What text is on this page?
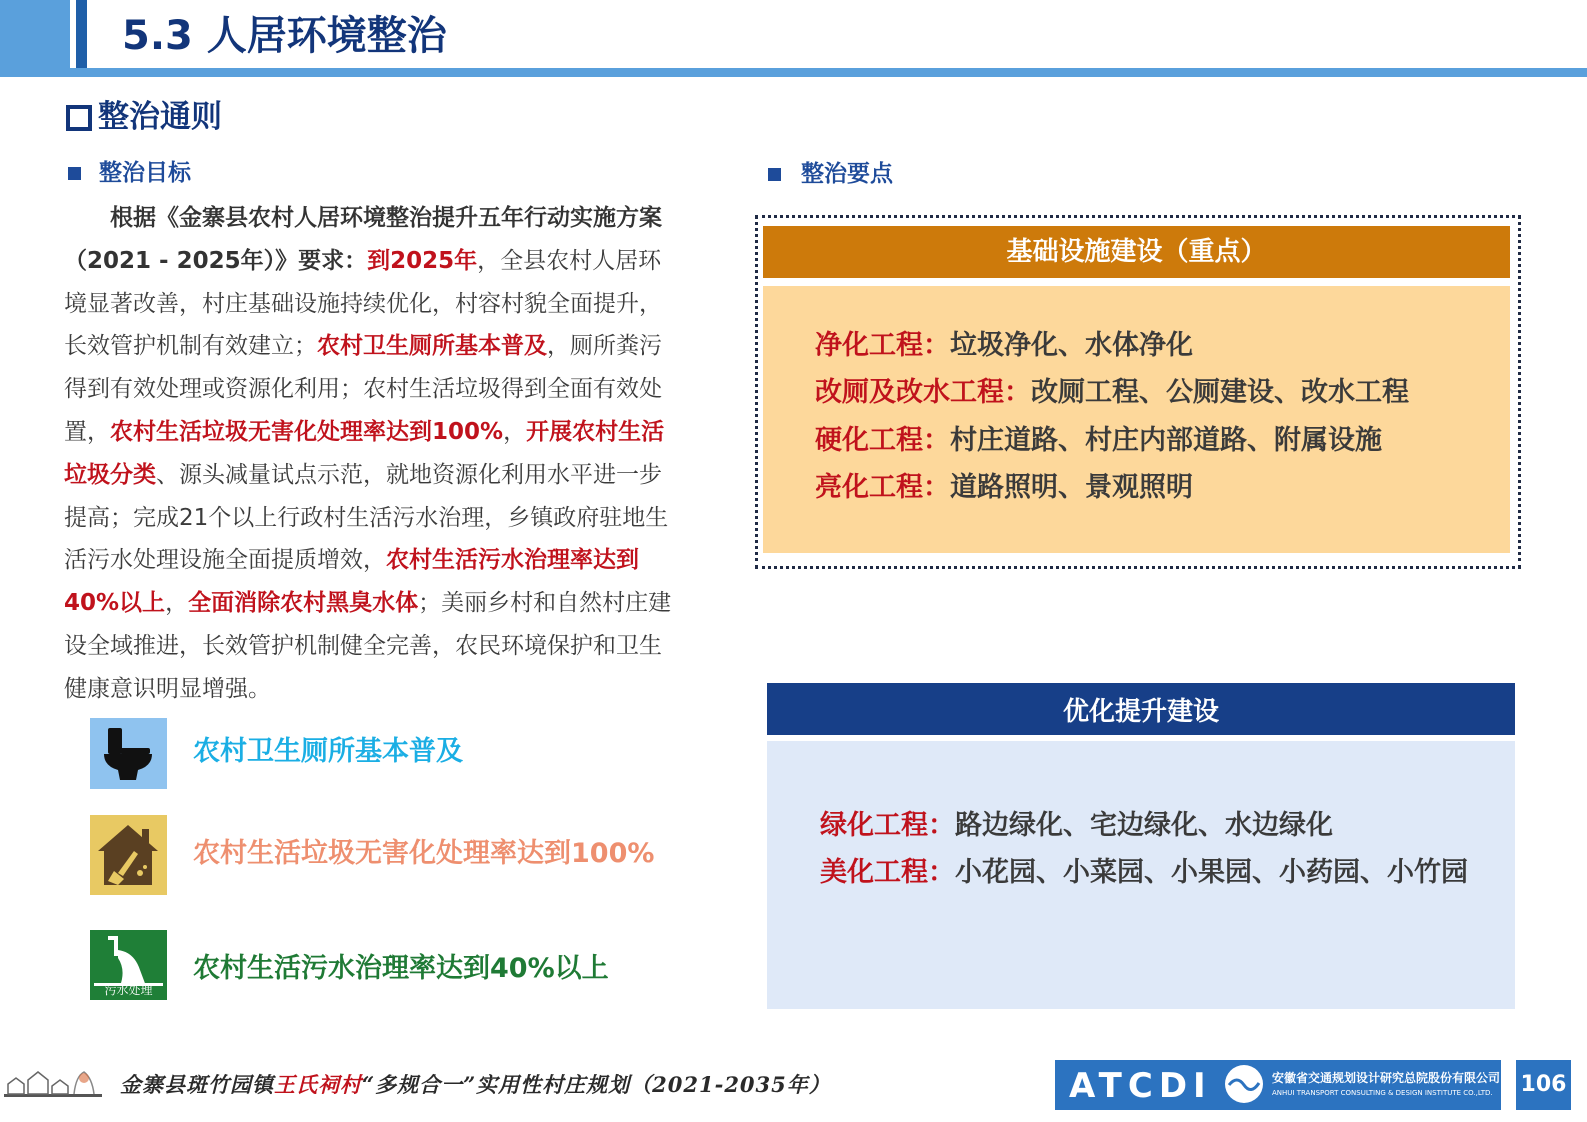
5.3 人居环境整治
整治通则
整治目标
根据《金寨县农村人居环境整治提升五年行动实施方案（2021 - 2025年）》要求：到2025年，全县农村人居环境显著改善，村庄基础设施持续优化，村容村貌全面提升，长效管护机制有效建立；农村卫生厕所基本普及，厕所粪污得到有效处理或资源化利用；农村生活垃圾得到全面有效处置，农村生活垃圾无害化处理率达到100%，开展农村生活垃圾分类、源头减量试点示范，就地资源化利用水平进一步提高；完成21个以上行政村生活污水治理，乡镇政府驻地生活污水处理设施全面提质增效，农村生活污水治理率达到40%以上，全面消除农村黑臭水体；美丽乡村和自然村庄建设全域推进，长效管护机制健全完善，农民环境保护和卫生健康意识明显增强。
农村卫生厕所基本普及
农村生活垃圾无害化处理率达到100%
污水处理
农村生活污水治理率达到40%以上
整治要点
基础设施建设（重点）
净化工程：垃圾净化、水体净化
改厕及改水工程：改厕工程、公厕建设、改水工程
硬化工程：村庄道路、村庄内部道路、附属设施
亮化工程：道路照明、景观照明
优化提升建设
绿化工程：路边绿化、宅边绿化、水边绿化
美化工程：小花园、小菜园、小果园、小药园、小竹园
金寨县斑竹园镇王氏祠村“多规合一”实用性村庄规划（2021-2035年）	ATCDI	安徽省交通规划设计研究总院股份有限公司
ANHUI TRANSPORT CONSULTING & DESIGN INSTITUTE CO.,LTD. 106
